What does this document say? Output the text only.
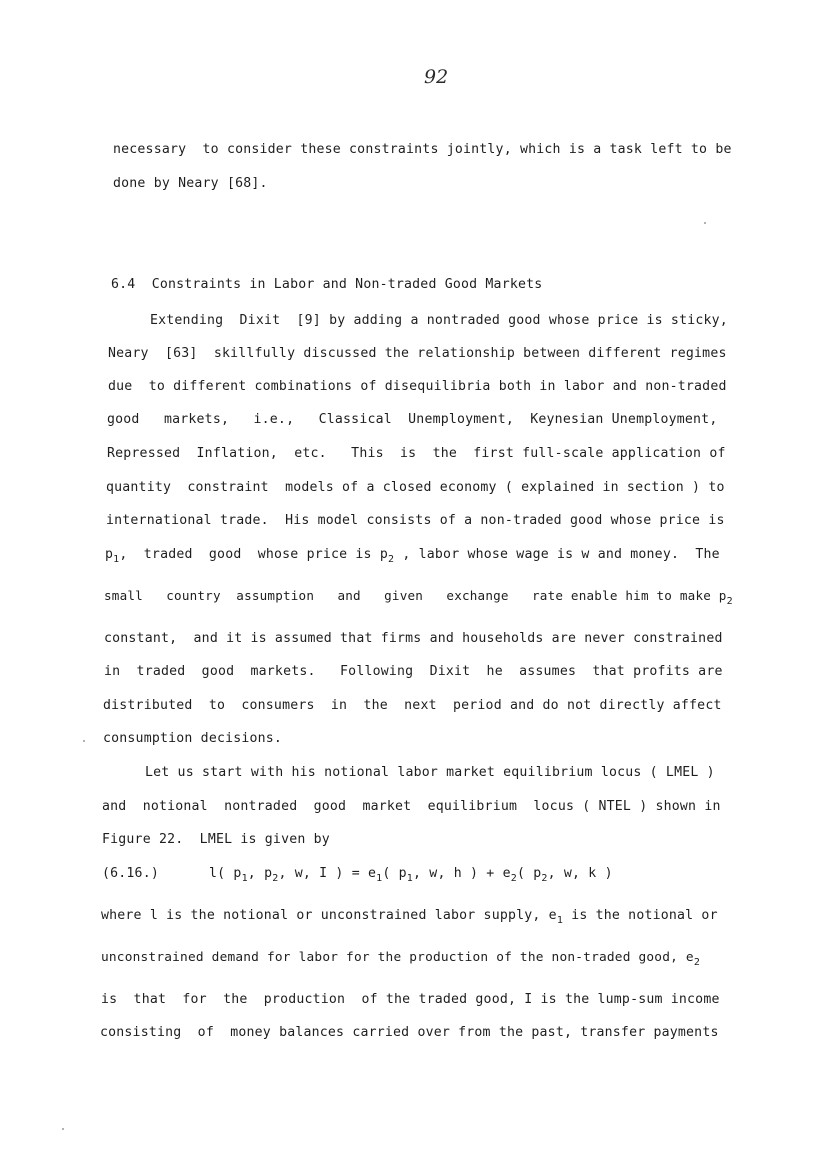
92
necessary  to consider these constraints jointly, which is a task left to be
done by Neary [68].
6.4  Constraints in Labor and Non-traded Good Markets
Extending  Dixit  [9] by adding a nontraded good whose price is sticky,
Neary  [63]  skillfully discussed the relationship between different regimes
due  to different combinations of disequilibria both in labor and non-traded
good   markets,   i.e.,   Classical  Unemployment,  Keynesian Unemployment,
Repressed  Inflation,  etc.   This  is  the  first full-scale application of
quantity  constraint  models of a closed economy ( explained in section ) to
international trade.  His model consists of a non-traded good whose price is
$p_1$,  traded  good  whose price is $p_2$ , labor whose wage is w and money.  The
small   country  assumption   and   given   exchange   rate enable him to make $p_2$
constant,  and it is assumed that firms and households are never constrained
in  traded  good  markets.   Following  Dixit  he  assumes  that profits are
distributed  to  consumers  in  the  next  period and do not directly affect
consumption decisions.
Let us start with his notional labor market equilibrium locus ( LMEL )
and  notional  nontraded  good  market  equilibrium  locus ( NTEL ) shown in
Figure 22.  LMEL is given by
(6.16.)	l( $p_1$, $p_2$, w, I ) = $e_1$( $p_1$, w, h ) + $e_2$( $p_2$, w, k )
where l is the notional or unconstrained labor supply, $e_1$ is the notional or
unconstrained demand for labor for the production of the non-traded good, $e_2$
is  that  for  the  production  of the traded good, I is the lump-sum income
consisting  of  money balances carried over from the past, transfer payments
